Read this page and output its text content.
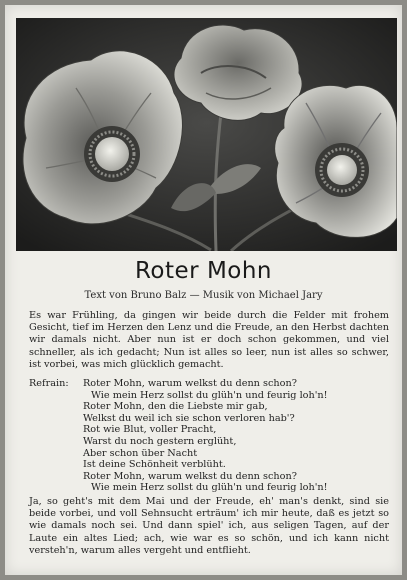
Roter Mohn
Text von Bruno Balz — Musik von Michael Jary

Es war Frühling, da gingen wir beide durch die Felder mit frohem Gesicht, tief im Herzen den Lenz und die Freude, an den Herbst dachten wir damals nicht. Aber nun ist er doch schon gekommen, und viel schneller, als ich gedacht; Nun ist alles so leer, nun ist alles so schwer, ist vorbei, was mich glücklich gemacht.

Refrain: Roter Mohn, warum welkst du denn schon?
Wie mein Herz sollst du glüh'n und feurig loh'n!
Roter Mohn, den die Liebste mir gab,
Welkst du weil ich sie schon verloren hab'?
Rot wie Blut, voller Pracht,
Warst du noch gestern erglüht,
Aber schon über Nacht
Ist deine Schönheit verblüht.
Roter Mohn, warum welkst du denn schon?
Wie mein Herz sollst du glüh'n und feurig loh'n!

Ja, so geht's mit dem Mai und der Freude, eh' man's denkt, sind sie beide vorbei, und voll Sehnsucht erträum' ich mir heute, daß es jetzt so wie damals noch sei. Und dann spiel' ich, aus seligen Tagen, auf der Laute ein altes Lied; ach, wie war es so schön, und ich kann nicht versteh'n, warum alles vergeht und entflieht.
